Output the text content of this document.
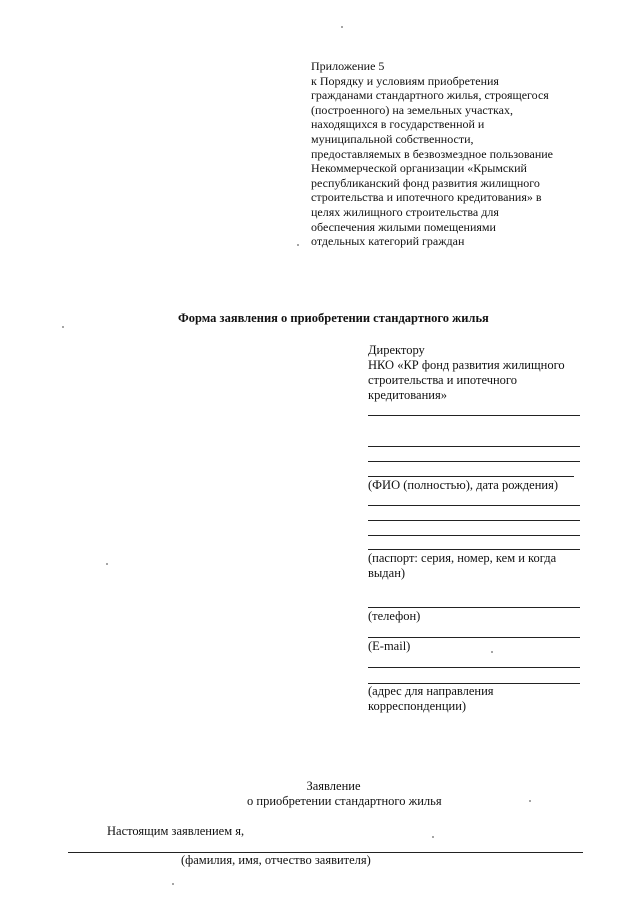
Приложение 5
к Порядку и условиям приобретения
гражданами стандартного жилья, строящегося
(построенного) на земельных участках,
находящихся в государственной и
муниципальной собственности,
предоставляемых в безвозмездное пользование
Некоммерческой организации «Крымский
республиканский фонд развития жилищного
строительства и ипотечного кредитования» в
целях жилищного строительства для
обеспечения жилыми помещениями
отдельных категорий граждан
Форма заявления о приобретении стандартного жилья
Директору
НКО «КР фонд развития жилищного
строительства и ипотечного
кредитования»
(ФИО (полностью), дата рождения)
(паспорт: серия, номер, кем и когда
выдан)
(телефон)
(E-mail)
(адрес для направления
корреспонденции)
Заявление
о приобретении стандартного жилья
Настоящим заявлением я,
(фамилия, имя, отчество заявителя)
